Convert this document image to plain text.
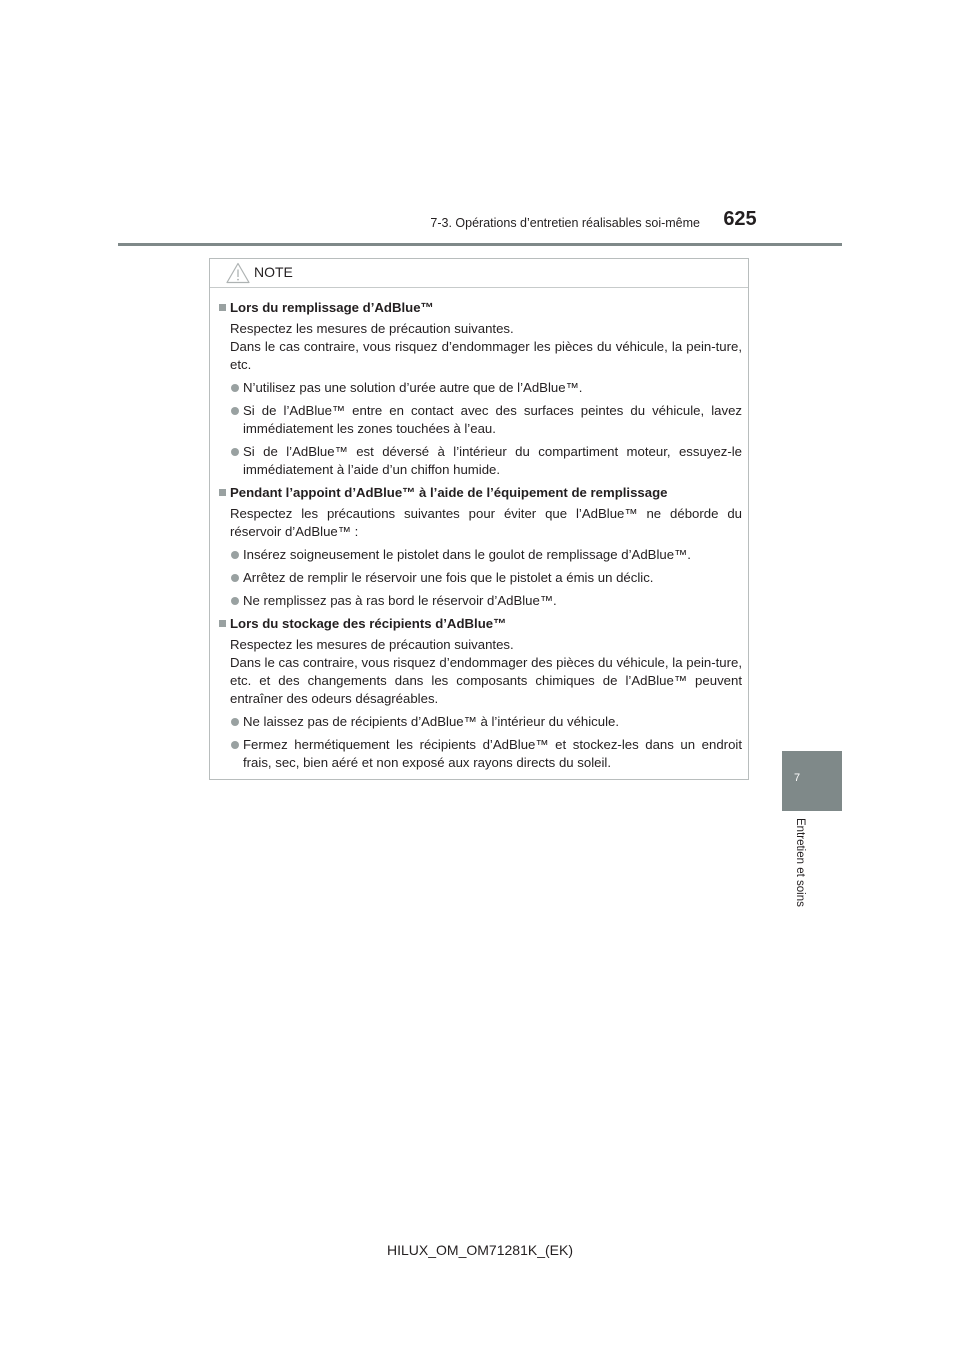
7-3. Opérations d’entretien réalisables soi-même	625
7
Entretien et soins
NOTE
Lors du remplissage d’AdBlue™

Respectez les mesures de précaution suivantes.

Dans le cas contraire, vous risquez d’endommager les pièces du véhicule, la pein-ture, etc.

N’utilisez pas une solution d’urée autre que de l’AdBlue™.
Si de l’AdBlue™ entre en contact avec des surfaces peintes du véhicule, lavez immédiatement les zones touchées à l’eau.
Si de l’AdBlue™ est déversé à l’intérieur du compartiment moteur, essuyez-le immédiatement à l’aide d’un chiffon humide.
Pendant l’appoint d’AdBlue™ à l’aide de l’équipement de remplissage

Respectez les précautions suivantes pour éviter que l’AdBlue™ ne déborde du réservoir d’AdBlue™ :

Insérez soigneusement le pistolet dans le goulot de remplissage d’AdBlue™.
Arrêtez de remplir le réservoir une fois que le pistolet a émis un déclic.
Ne remplissez pas à ras bord le réservoir d’AdBlue™.
Lors du stockage des récipients d’AdBlue™

Respectez les mesures de précaution suivantes.

Dans le cas contraire, vous risquez d’endommager des pièces du véhicule, la pein-ture, etc. et des changements dans les composants chimiques de l’AdBlue™ peuvent entraîner des odeurs désagréables.

Ne laissez pas de récipients d’AdBlue™ à l’intérieur du véhicule.
Fermez hermétiquement les récipients d’AdBlue™ et stockez-les dans un endroit frais, sec, bien aéré et non exposé aux rayons directs du soleil.
HILUX_OM_OM71281K_(EK)
